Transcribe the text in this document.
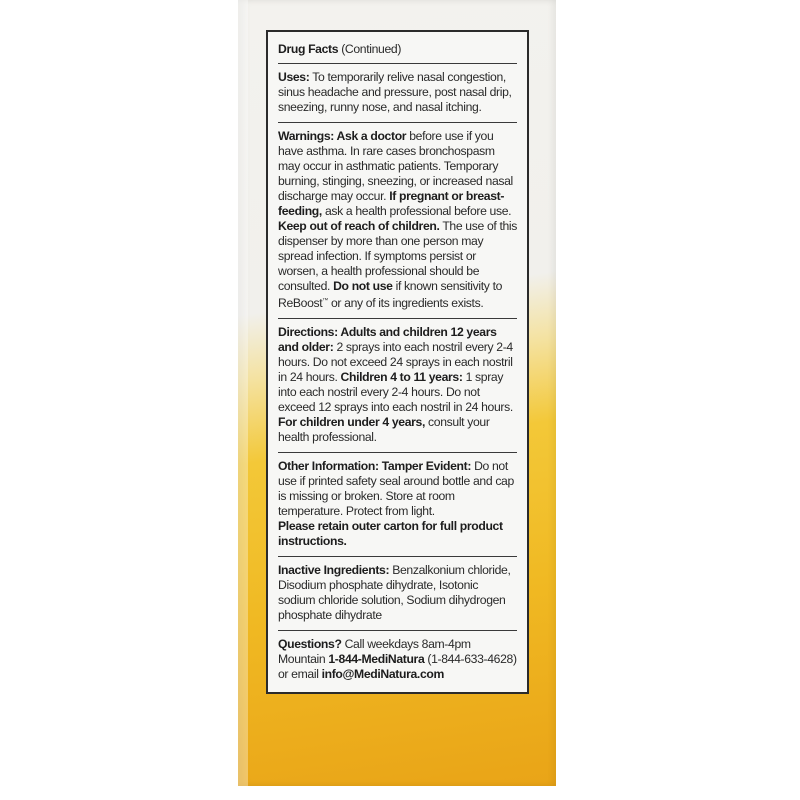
Drug Facts (Continued)
Uses: To temporarily relive nasal congestion, sinus headache and pressure, post nasal drip, sneezing, runny nose, and nasal itching.
Warnings: Ask a doctor before use if you have asthma. In rare cases bronchospasm may occur in asthmatic patients. Temporary burning, stinging, sneezing, or increased nasal discharge may occur. If pregnant or breast-feeding, ask a health professional before use. Keep out of reach of children. The use of this dispenser by more than one person may spread infection. If symptoms persist or worsen, a health professional should be consulted. Do not use if known sensitivity to ReBoost™ or any of its ingredients exists.
Directions: Adults and children 12 years and older: 2 sprays into each nostril every 2-4 hours. Do not exceed 24 sprays in each nostril in 24 hours. Children 4 to 11 years: 1 spray into each nostril every 2-4 hours. Do not exceed 12 sprays into each nostril in 24 hours. For children under 4 years, consult your health professional.
Other Information: Tamper Evident: Do not use if printed safety seal around bottle and cap is missing or broken. Store at room temperature. Protect from light.
Please retain outer carton for full product instructions.
Inactive Ingredients: Benzalkonium chloride, Disodium phosphate dihydrate, Isotonic sodium chloride solution, Sodium dihydrogen phosphate dihydrate
Questions? Call weekdays 8am-4pm Mountain 1-844-MediNatura (1-844-633-4628) or email info@MediNatura.com
